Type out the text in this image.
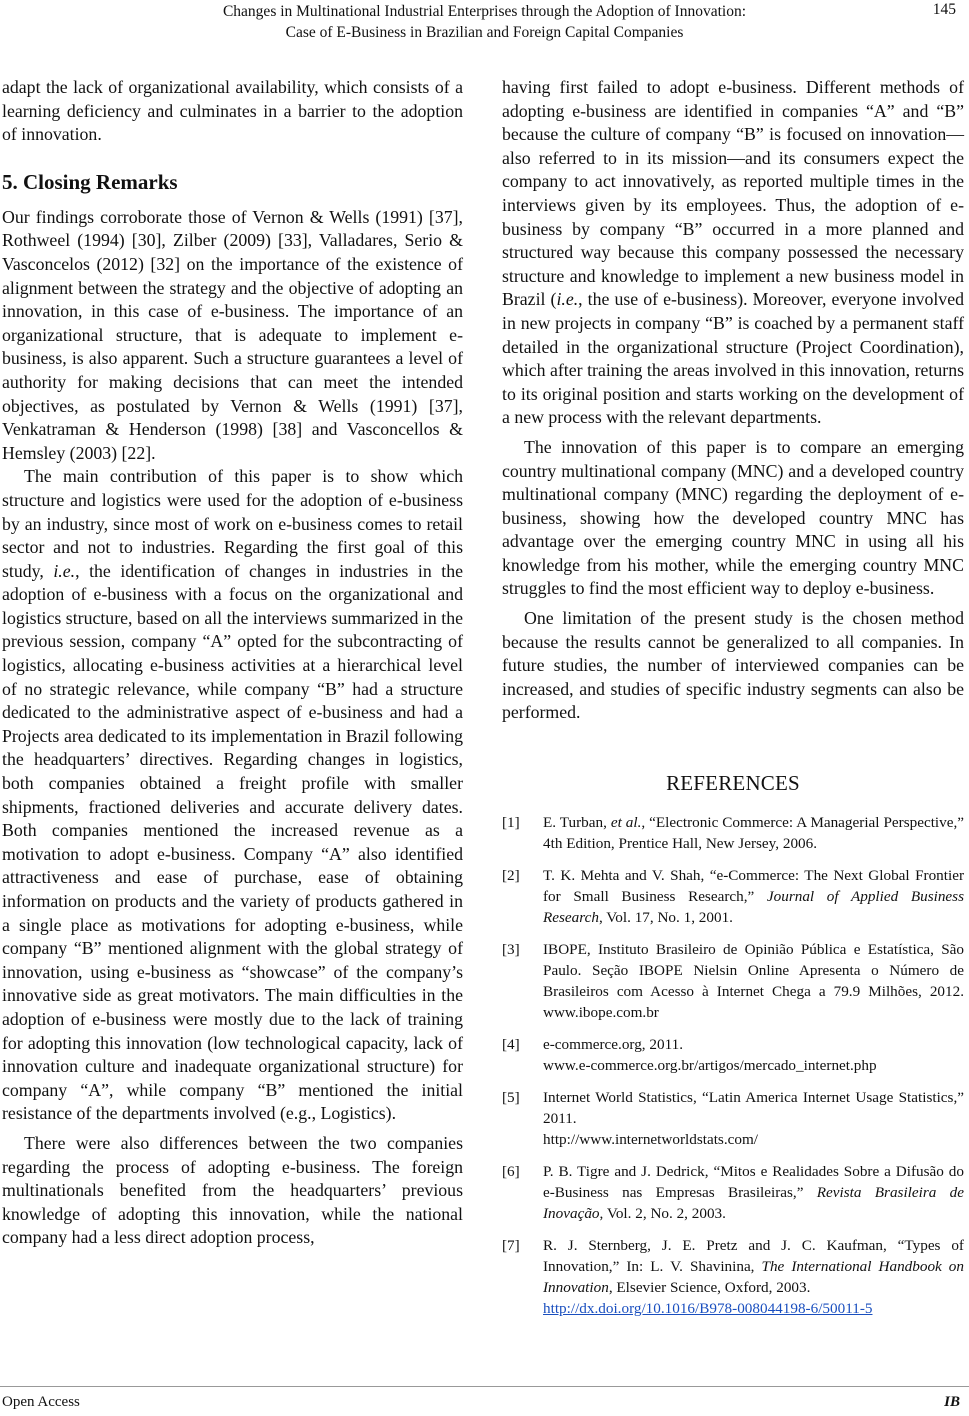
Changes in Multinational Industrial Enterprises through the Adoption of Innovation:
Case of E-Business in Brazilian and Foreign Capital Companies
145

adapt the lack of organizational availability, which consists of a learning deficiency and culminates in a barrier to the adoption of innovation.

5. Closing Remarks

Our findings corroborate those of Vernon & Wells (1991) [37], Rothweel (1994) [30], Zilber (2009) [33], Valladares, Serio & Vasconcelos (2012) [32] on the importance of the existence of alignment between the strategy and the objective of adopting an innovation, in this case of e-business. The importance of an organizational structure, that is adequate to implement e-business, is also apparent. Such a structure guarantees a level of authority for making decisions that can meet the intended objectives, as postulated by Vernon & Wells (1991) [37], Venkatraman & Henderson (1998) [38] and Vasconcellos & Hemsley (2003) [22].

The main contribution of this paper is to show which structure and logistics were used for the adoption of e-business by an industry, since most of work on e-business comes to retail sector and not to industries. Regarding the first goal of this study, i.e., the identification of changes in industries in the adoption of e-business with a focus on the organizational and logistics structure, based on all the interviews summarized in the previous session, company “A” opted for the subcontracting of logistics, allocating e-business activities at a hierarchical level of no strategic relevance, while company “B” had a structure dedicated to the administrative aspect of e-business and had a Projects area dedicated to its implementation in Brazil following the headquarters’ directives. Regarding changes in logistics, both companies obtained a freight profile with smaller shipments, fractioned deliveries and accurate delivery dates. Both companies mentioned the increased revenue as a motivation to adopt e-business. Company “A” also identified attractiveness and ease of purchase, ease of obtaining information on products and the variety of products gathered in a single place as motivations for adopting e-business, while company “B” mentioned alignment with the global strategy of innovation, using e-business as “showcase” of the company’s innovative side as great motivators. The main difficulties in the adoption of e-business were mostly due to the lack of training for adopting this innovation (low technological capacity, lack of innovation culture and inadequate organizational structure) for company “A”, while company “B” mentioned the initial resistance of the departments involved (e.g., Logistics).

There were also differences between the two companies regarding the process of adopting e-business. The foreign multinationals benefited from the headquarters’ previous knowledge of adopting this innovation, while the national company had a less direct adoption process,

having first failed to adopt e-business. Different methods of adopting e-business are identified in companies “A” and “B” because the culture of company “B” is focused on innovation—also referred to in its mission—and its consumers expect the company to act innovatively, as reported multiple times in the interviews given by its employees. Thus, the adoption of e-business by company “B” occurred in a more planned and structured way because this company possessed the necessary structure and knowledge to implement a new business model in Brazil (i.e., the use of e-business). Moreover, everyone involved in new projects in company “B” is coached by a permanent staff detailed in the organizational structure (Project Coordination), which after training the areas involved in this innovation, returns to its original position and starts working on the development of a new process with the relevant departments.

The innovation of this paper is to compare an emerging country multinational company (MNC) and a developed country multinational company (MNC) regarding the deployment of e-business, showing how the developed country MNC has advantage over the emerging country MNC in using all his knowledge from his mother, while the emerging country MNC struggles to find the most efficient way to deploy e-business.

One limitation of the present study is the chosen method because the results cannot be generalized to all companies. In future studies, the number of interviewed companies can be increased, and studies of specific industry segments can also be performed.

REFERENCES
[1] E. Turban, et al., “Electronic Commerce: A Managerial Perspective,” 4th Edition, Prentice Hall, New Jersey, 2006.
[2] T. K. Mehta and V. Shah, “e-Commerce: The Next Global Frontier for Small Business Research,” Journal of Applied Business Research, Vol. 17, No. 1, 2001.
[3] IBOPE, Instituto Brasileiro de Opinião Pública e Estatística, São Paulo. Seção IBOPE Nielsin Online Apresenta o Número de Brasileiros com Acesso à Internet Chega a 79.9 Milhões, 2012. www.ibope.com.br
[4] e-commerce.org, 2011.
www.e-commerce.org.br/artigos/mercado_internet.php
[5] Internet World Statistics, “Latin America Internet Usage Statistics,” 2011.
http://www.internetworldstats.com/
[6] P. B. Tigre and J. Dedrick, “Mitos e Realidades Sobre a Difusão do e-Business nas Empresas Brasileiras,” Revista Brasileira de Inovação, Vol. 2, No. 2, 2003.
[7] R. J. Sternberg, J. E. Pretz and J. C. Kaufman, “Types of Innovation,” In: L. V. Shavinina, The International Handbook on Innovation, Elsevier Science, Oxford, 2003.
http://dx.doi.org/10.1016/B978-008044198-6/50011-5
Open Access	IB
